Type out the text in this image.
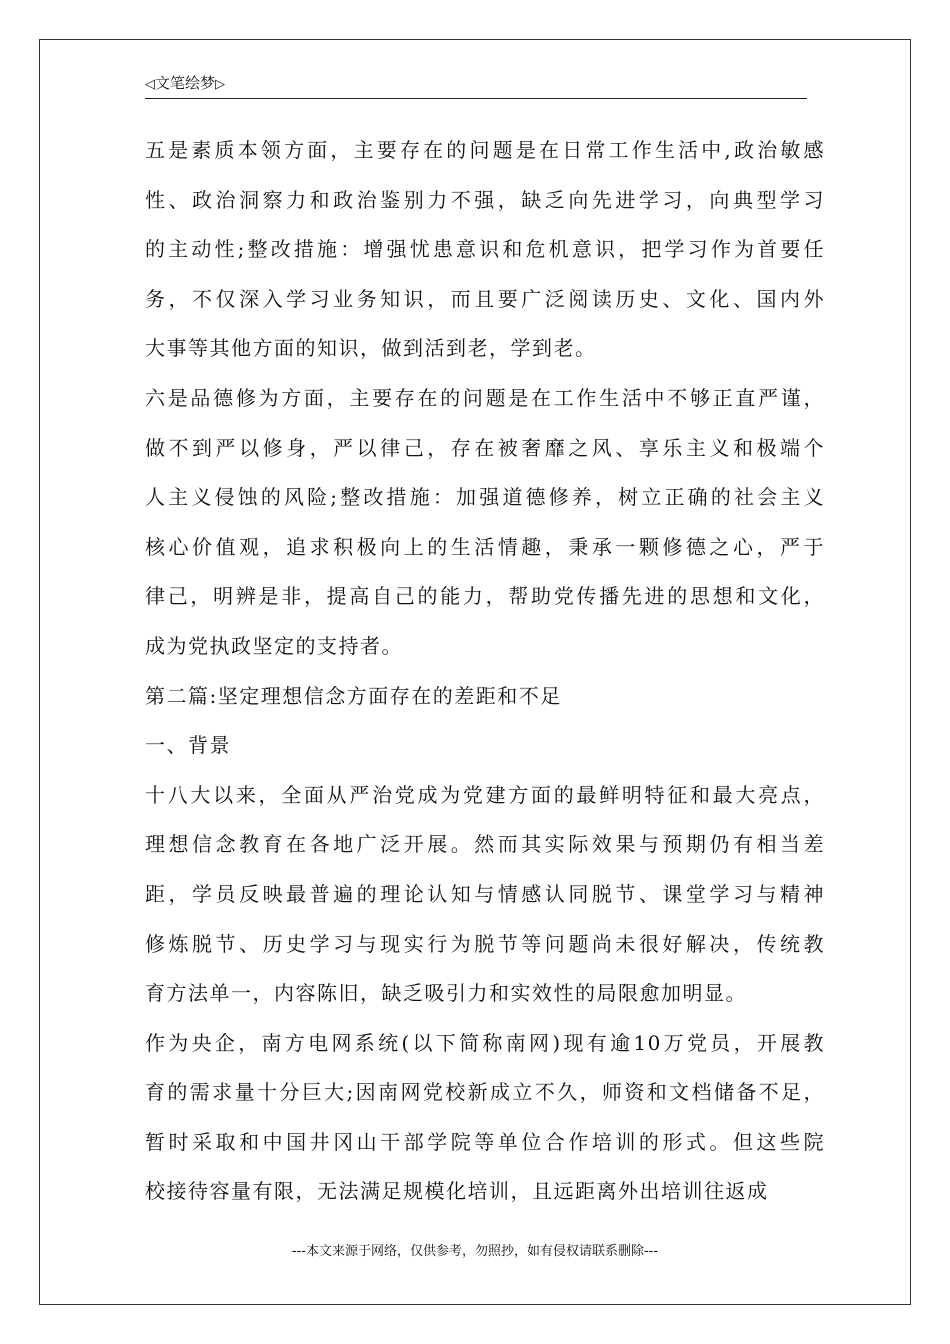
◁文笔绘梦▷

五是素质本领方面，主要存在的问题是在日常工作生活中,政治敏感
性、政治洞察力和政治鉴别力不强，缺乏向先进学习，向典型学习
的主动性;整改措施：增强忧患意识和危机意识，把学习作为首要任
务，不仅深入学习业务知识，而且要广泛阅读历史、文化、国内外
大事等其他方面的知识，做到活到老，学到老。

六是品德修为方面，主要存在的问题是在工作生活中不够正直严谨，
做不到严以修身，严以律己，存在被奢靡之风、享乐主义和极端个
人主义侵蚀的风险;整改措施：加强道德修养，树立正确的社会主义
核心价值观，追求积极向上的生活情趣，秉承一颗修德之心，严于
律己，明辨是非，提高自己的能力，帮助党传播先进的思想和文化，
成为党执政坚定的支持者。

第二篇:坚定理想信念方面存在的差距和不足

一、背景

十八大以来，全面从严治党成为党建方面的最鲜明特征和最大亮点，
理想信念教育在各地广泛开展。然而其实际效果与预期仍有相当差
距，学员反映最普遍的理论认知与情感认同脱节、课堂学习与精神
修炼脱节、历史学习与现实行为脱节等问题尚未很好解决，传统教
育方法单一，内容陈旧，缺乏吸引力和实效性的局限愈加明显。

作为央企，南方电网系统(以下简称南网)现有逾10万党员，开展教
育的需求量十分巨大;因南网党校新成立不久，师资和文档储备不足，
暂时采取和中国井冈山干部学院等单位合作培训的形式。但这些院
校接待容量有限，无法满足规模化培训，且远距离外出培训往返成

---本文来源于网络，仅供参考，勿照抄，如有侵权请联系删除---
